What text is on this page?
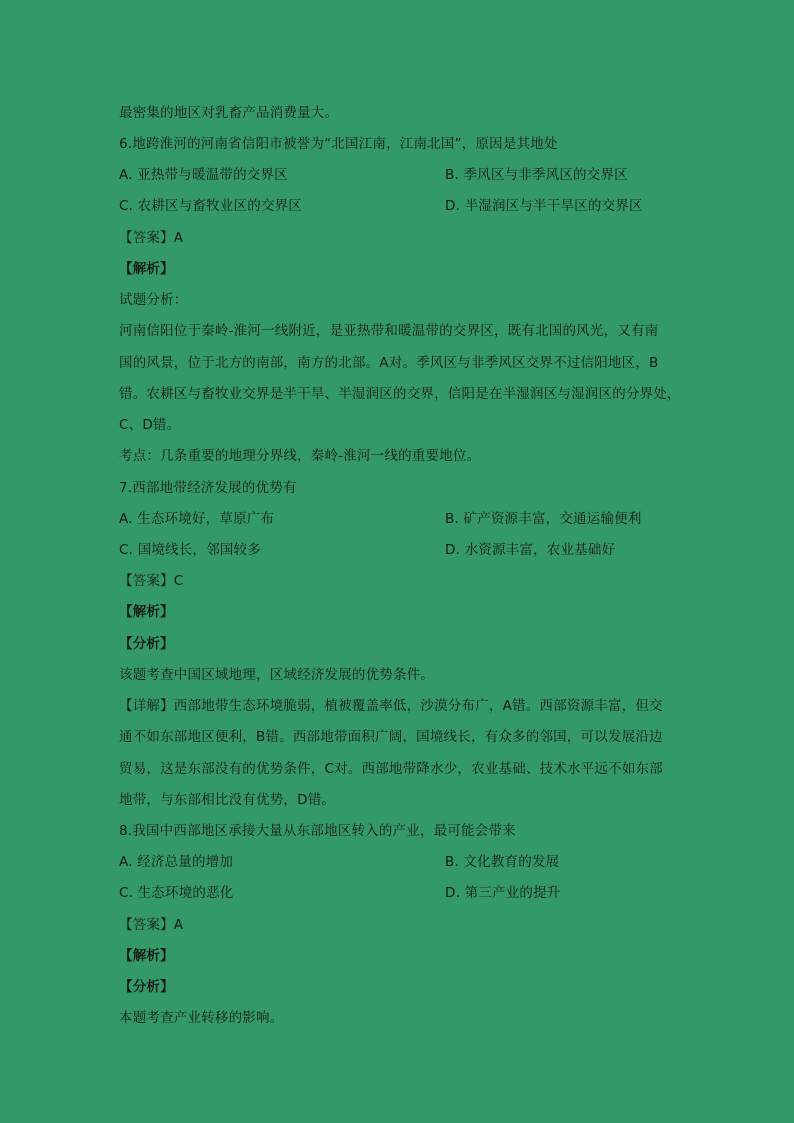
最密集的地区对乳畜产品消费量大。
6.地跨淮河的河南省信阳市被誉为“北国江南，江南北国”，原因是其地处
A. 亚热带与暖温带的交界区	B. 季风区与非季风区的交界区
C. 农耕区与畜牧业区的交界区	D. 半湿润区与半干旱区的交界区
【答案】A
【解析】
试题分析：
河南信阳位于秦岭-淮河一线附近，是亚热带和暖温带的交界区，既有北国的风光，又有南
国的风景，位于北方的南部，南方的北部。A对。季风区与非季风区交界不过信阳地区，B
错。农耕区与畜牧业交界是半干旱、半湿润区的交界，信阳是在半湿润区与湿润区的分界处，
C、D错。
考点：几条重要的地理分界线，秦岭-淮河一线的重要地位。
7.西部地带经济发展的优势有
A. 生态环境好，草原广布	B. 矿产资源丰富，交通运输便利
C. 国境线长，邻国较多	D. 水资源丰富，农业基础好
【答案】C
【解析】
【分析】
该题考查中国区域地理，区域经济发展的优势条件。
【详解】西部地带生态环境脆弱，植被覆盖率低，沙漠分布广，A错。西部资源丰富，但交
通不如东部地区便利，B错。西部地带面积广阔，国境线长，有众多的邻国，可以发展沿边
贸易，这是东部没有的优势条件，C对。西部地带降水少，农业基础、技术水平远不如东部
地带，与东部相比没有优势，D错。
8.我国中西部地区承接大量从东部地区转入的产业，最可能会带来
A. 经济总量的增加	B. 文化教育的发展
C. 生态环境的恶化	D. 第三产业的提升
【答案】A
【解析】
【分析】
本题考查产业转移的影响。
